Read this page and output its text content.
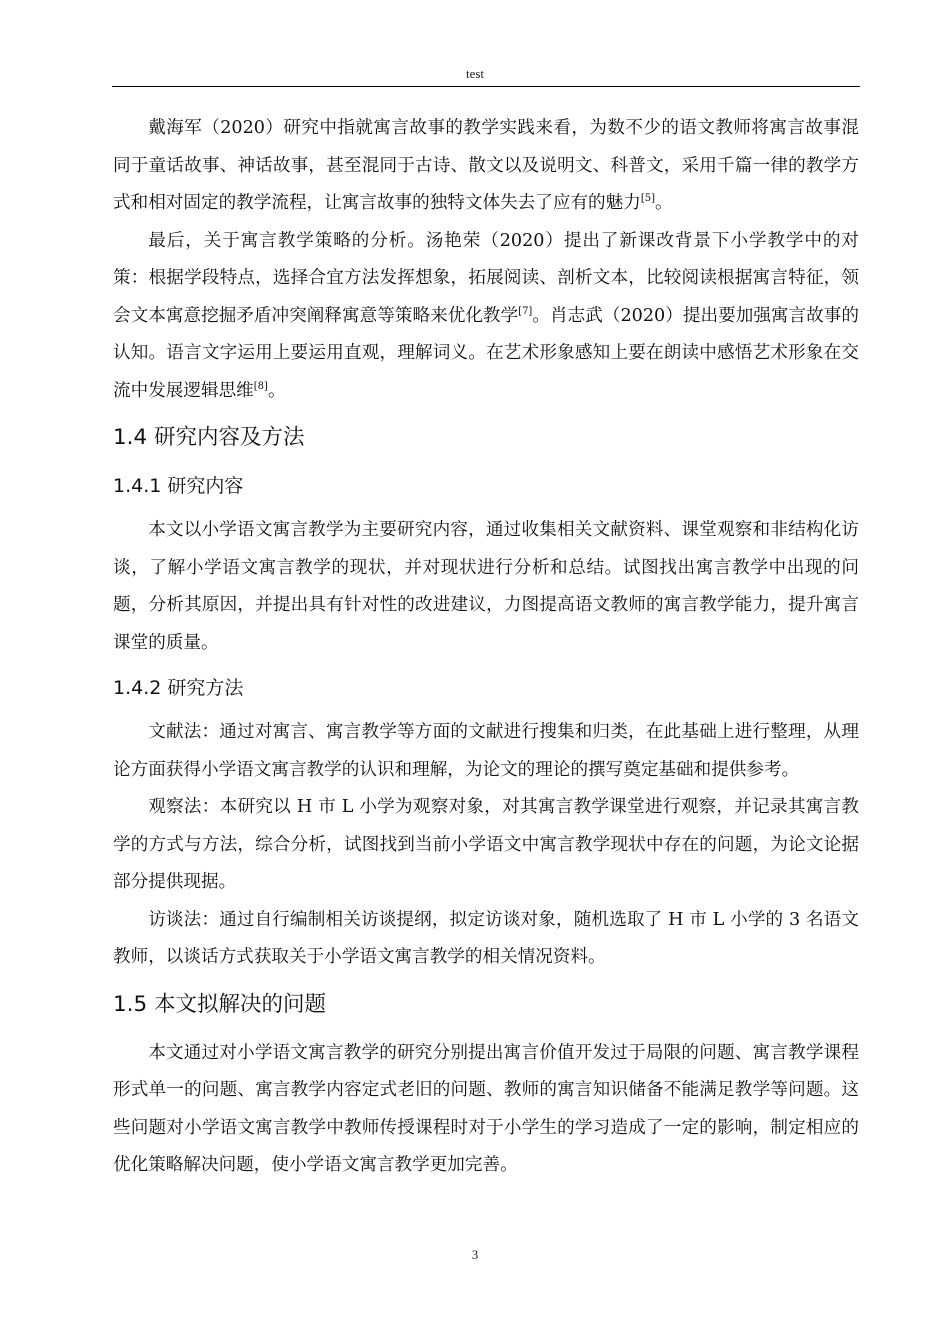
test

戴海军（2020）研究中指就寓言故事的教学实践来看，为数不少的语文教师将寓言故事混同于童话故事、神话故事，甚至混同于古诗、散文以及说明文、科普文，采用千篇一律的教学方式和相对固定的教学流程，让寓言故事的独特文体失去了应有的魅力[5]。

最后，关于寓言教学策略的分析。汤艳荣（2020）提出了新课改背景下小学教学中的对策：根据学段特点，选择合宜方法发挥想象，拓展阅读、剖析文本，比较阅读根据寓言特征，领会文本寓意挖掘矛盾冲突阐释寓意等策略来优化教学[7]。肖志武（2020）提出要加强寓言故事的认知。语言文字运用上要运用直观，理解词义。在艺术形象感知上要在朗读中感悟艺术形象在交流中发展逻辑思维[8]。

1.4 研究内容及方法
1.4.1 研究内容

本文以小学语文寓言教学为主要研究内容，通过收集相关文献资料、课堂观察和非结构化访谈，了解小学语文寓言教学的现状，并对现状进行分析和总结。试图找出寓言教学中出现的问题，分析其原因，并提出具有针对性的改进建议，力图提高语文教师的寓言教学能力，提升寓言课堂的质量。

1.4.2 研究方法

文献法：通过对寓言、寓言教学等方面的文献进行搜集和归类，在此基础上进行整理，从理论方面获得小学语文寓言教学的认识和理解，为论文的理论的撰写奠定基础和提供参考。

观察法：本研究以 H 市 L 小学为观察对象，对其寓言教学课堂进行观察，并记录其寓言教学的方式与方法，综合分析，试图找到当前小学语文中寓言教学现状中存在的问题，为论文论据部分提供现据。

访谈法：通过自行编制相关访谈提纲，拟定访谈对象，随机选取了 H 市 L 小学的 3 名语文教师，以谈话方式获取关于小学语文寓言教学的相关情况资料。

1.5 本文拟解决的问题

本文通过对小学语文寓言教学的研究分别提出寓言价值开发过于局限的问题、寓言教学课程形式单一的问题、寓言教学内容定式老旧的问题、教师的寓言知识储备不能满足教学等问题。这些问题对小学语文寓言教学中教师传授课程时对于小学生的学习造成了一定的影响，制定相应的优化策略解决问题，使小学语文寓言教学更加完善。

3
